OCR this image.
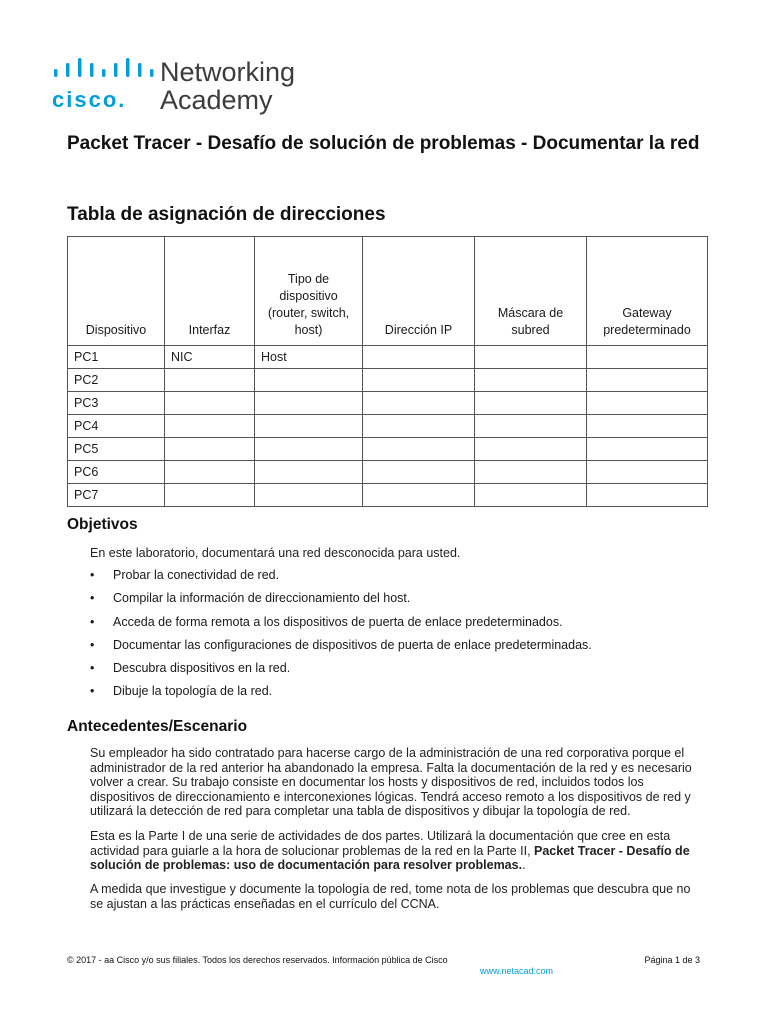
cisco.
Networking
Academy
Packet Tracer - Desafío de solución de problemas - Documentar la red
Tabla de asignación de direcciones
Dispositivo	Interfaz	Tipo de dispositivo (router, switch, host)	Dirección IP	Máscara de subred	Gateway predeterminado
PC1	NIC	Host			
PC2					
PC3					
PC4					
PC5					
PC6					
PC7					
Objetivos

En este laboratorio, documentará una red desconocida para usted.

• Probar la conectividad de red.
• Compilar la información de direccionamiento del host.
• Acceda de forma remota a los dispositivos de puerta de enlace predeterminados.
• Documentar las configuraciones de dispositivos de puerta de enlace predeterminadas.
• Descubra dispositivos en la red.
• Dibuje la topología de la red.
Antecedentes/Escenario

Su empleador ha sido contratado para hacerse cargo de la administración de una red corporativa porque el administrador de la red anterior ha abandonado la empresa. Falta la documentación de la red y es necesario volver a crear. Su trabajo consiste en documentar los hosts y dispositivos de red, incluidos todos los dispositivos de direccionamiento e interconexiones lógicas. Tendrá acceso remoto a los dispositivos de red y utilizará la detección de red para completar una tabla de dispositivos y dibujar la topología de red.

Esta es la Parte I de una serie de actividades de dos partes. Utilizará la documentación que cree en esta actividad para guiarle a la hora de solucionar problemas de la red en la Parte II, Packet Tracer - Desafío de solución de problemas: uso de documentación para resolver problemas..

A medida que investigue y documente la topología de red, tome nota de los problemas que descubra que no se ajustan a las prácticas enseñadas en el currículo del CCNA.

© 2017 - aa Cisco y/o sus filiales. Todos los derechos reservados. Información pública de Cisco	Página 1 de 3
www.netacad.com
